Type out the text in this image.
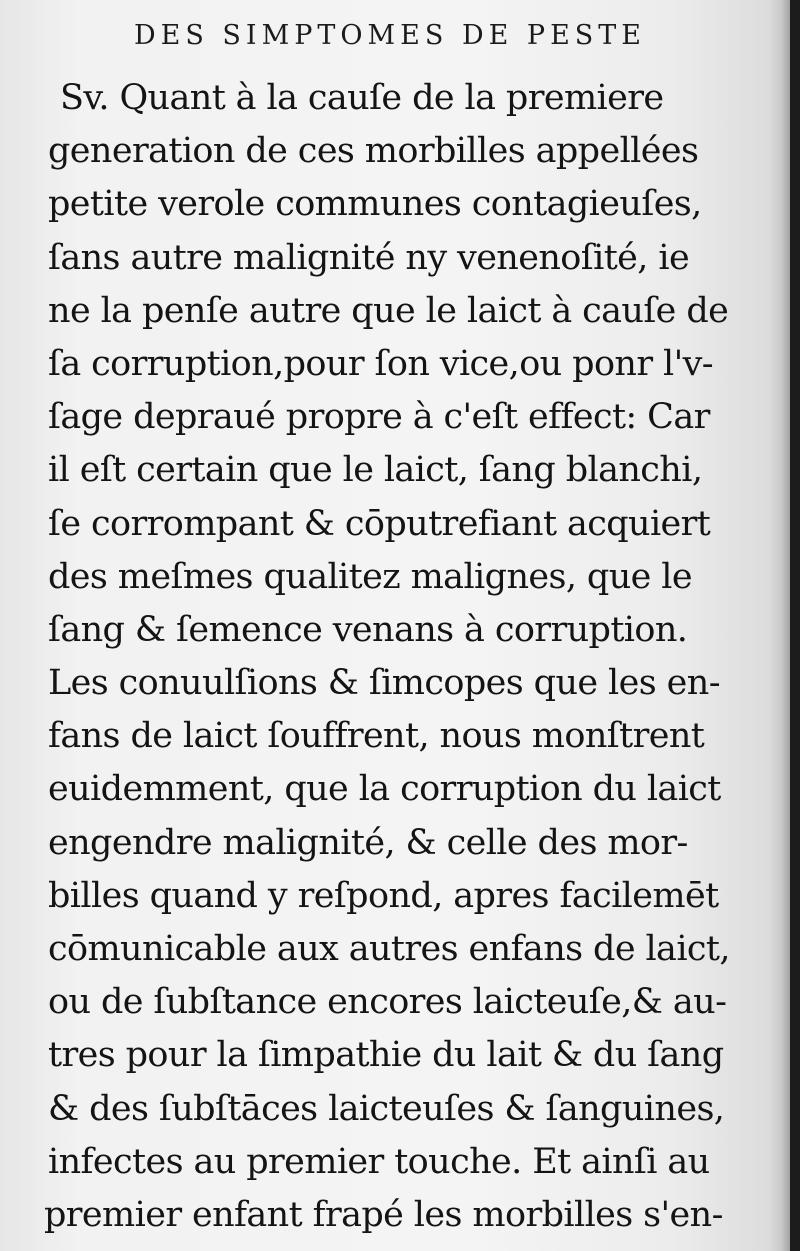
DES SIMPTOMES DE PESTE
Sv. Quant à la cauſe de la premiere
generation de ces morbilles appellées
petite verole communes contagieuſes,
ſans autre malignité ny venenoſité, ie
ne la penſe autre que le laict à cauſe de
ſa corruption,pour ſon vice,ou ponr l'v-
ſage deprаué propre à c'eſt effect: Car
il eſt certain que le laict, ſang blanchi,
ſe corrompant & cōputrefiant acquiert
des meſmes qualitez malignes, que le
ſang & ſemence venans à corruption.
Les conuulſions & ſimcopes que les en-
fans de laict ſouffrent, nous monſtrent
euidemment, que la corruption du laict
engendre malignité, & celle des mor-
billes quand y reſpond, apres facilemēt
cōmunicable aux autres enfans de laict,
ou de ſubſtance encores laicteuſe,& au-
tres pour la ſimpathie du lait & du ſang
& des ſubſtāces laicteuſes & ſanguines,
infectes au premier touche. Et ainſi au
premier enfant frapé les morbilles s'en-
